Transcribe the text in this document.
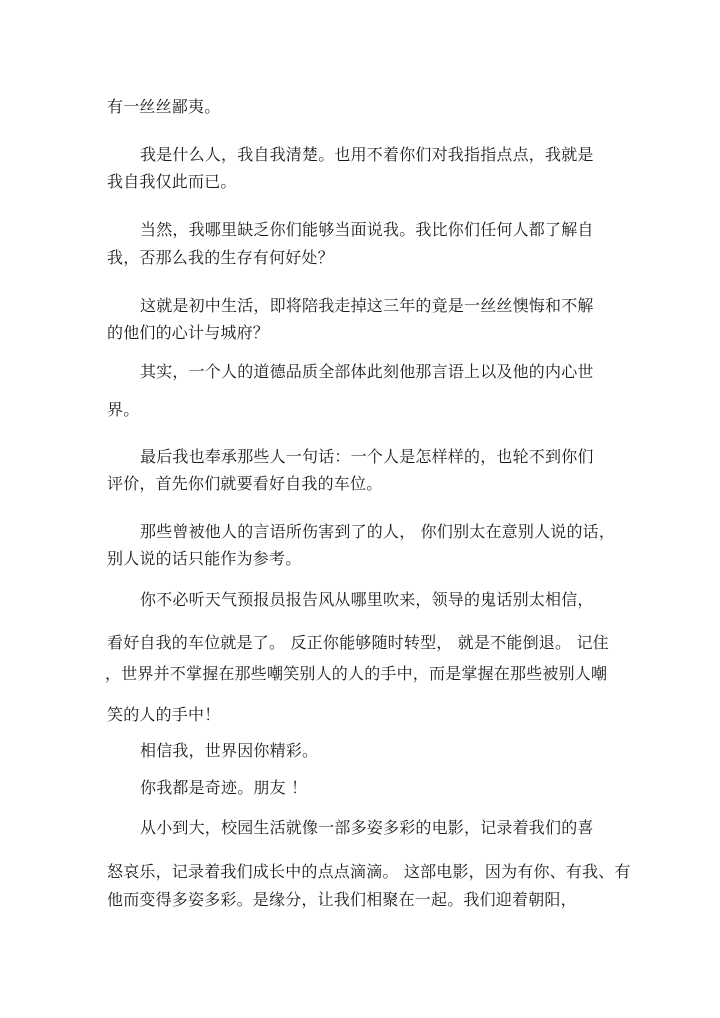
有一丝丝鄙夷。
我是什么人，我自我清楚。也用不着你们对我指指点点，我就是
我自我仅此而已。
当然，我哪里缺乏你们能够当面说我。我比你们任何人都了解自
我，否那么我的生存有何好处？
这就是初中生活，即将陪我走掉这三年的竟是一丝丝懊悔和不解
的他们的心计与城府？
其实，一个人的道德品质全部体此刻他那言语上以及他的内心世
界。
最后我也奉承那些人一句话：一个人是怎样样的，也轮不到你们
评价，首先你们就要看好自我的车位。
那些曾被他人的言语所伤害到了的人， 你们别太在意别人说的话，
别人说的话只能作为参考。
你不必听天气预报员报告风从哪里吹来，领导的鬼话别太相信，
看好自我的车位就是了。 反正你能够随时转型， 就是不能倒退。 记住
，世界并不掌握在那些嘲笑别人的人的手中，而是掌握在那些被别人嘲
笑的人的手中！
相信我，世界因你精彩。
你我都是奇迹。朋友 ！
从小到大，校园生活就像一部多姿多彩的电影，记录着我们的喜
怒哀乐，记录着我们成长中的点点滴滴。 这部电影，因为有你、有我、有
他而变得多姿多彩。是缘分，让我们相聚在一起。我们迎着朝阳，
